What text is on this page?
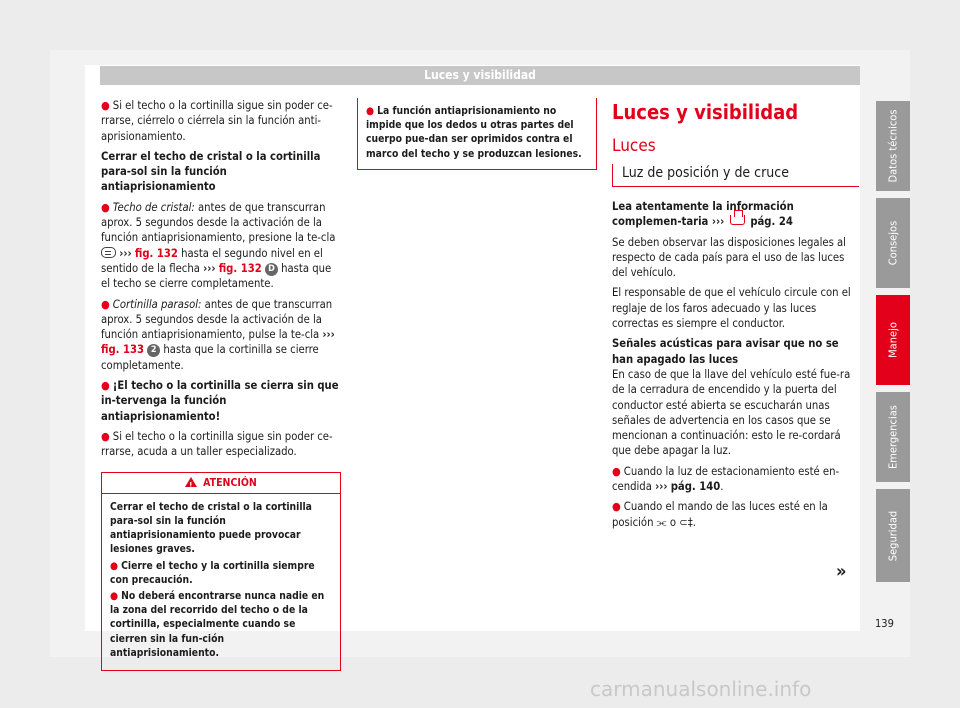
Luces y visibilidad

● Si el techo o la cortinilla sigue sin poder ce-rrarse, ciérrelo o ciérrela sin la función anti-aprisionamiento.

Cerrar el techo de cristal o la cortinilla para-sol sin la función antiaprisionamiento

● Techo de cristal: antes de que transcurran aprox. 5 segundos desde la activación de la función antiaprisionamiento, presione la te-cla  ››› fig. 132 hasta el segundo nivel en el sentido de la flecha ››› fig. 132 D hasta que el techo se cierre completamente.

● Cortinilla parasol: antes de que transcurran aprox. 5 segundos desde la activación de la función antiaprisionamiento, pulse la te-cla ››› fig. 133 2 hasta que la cortinilla se cierre completamente.

● ¡El techo o la cortinilla se cierra sin que in-tervenga la función antiaprisionamiento!

● Si el techo o la cortinilla sigue sin poder ce-rrarse, acuda a un taller especializado.

!ATENCIÓN

Cerrar el techo de cristal o la cortinilla para-sol sin la función antiaprisionamiento puede provocar lesiones graves.

● Cierre el techo y la cortinilla siempre con precaución.

● No deberá encontrarse nunca nadie en la zona del recorrido del techo o de la cortinilla, especialmente cuando se cierren sin la fun-ción antiaprisionamiento.

● La función antiaprisionamiento no impide que los dedos u otras partes del cuerpo pue-dan ser oprimidos contra el marco del techo y se produzcan lesiones.

Luces y visibilidad
Luces
Luz de posición y de cruce

Lea atentamente la información complemen-taria ››› pág. 24

Se deben observar las disposiciones legales al respecto de cada país para el uso de las luces del vehículo.

El responsable de que el vehículo circule con el reglaje de los faros adecuado y las luces correctas es siempre el conductor.

Señales acústicas para avisar que no se han apagado las luces

En caso de que la llave del vehículo esté fue-ra de la cerradura de encendido y la puerta del conductor esté abierta se escucharán unas señales de advertencia en los casos que se mencionan a continuación: esto le re-cordará que debe apagar la luz.

● Cuando la luz de estacionamiento esté en-cendida ››› pág. 140.

● Cuando el mando de las luces esté en la posición ⫘ o ⊂‡.

»
Datos técnicos
Consejos
Manejo
Emergencias
Seguridad
139
carmanualsonline.info
